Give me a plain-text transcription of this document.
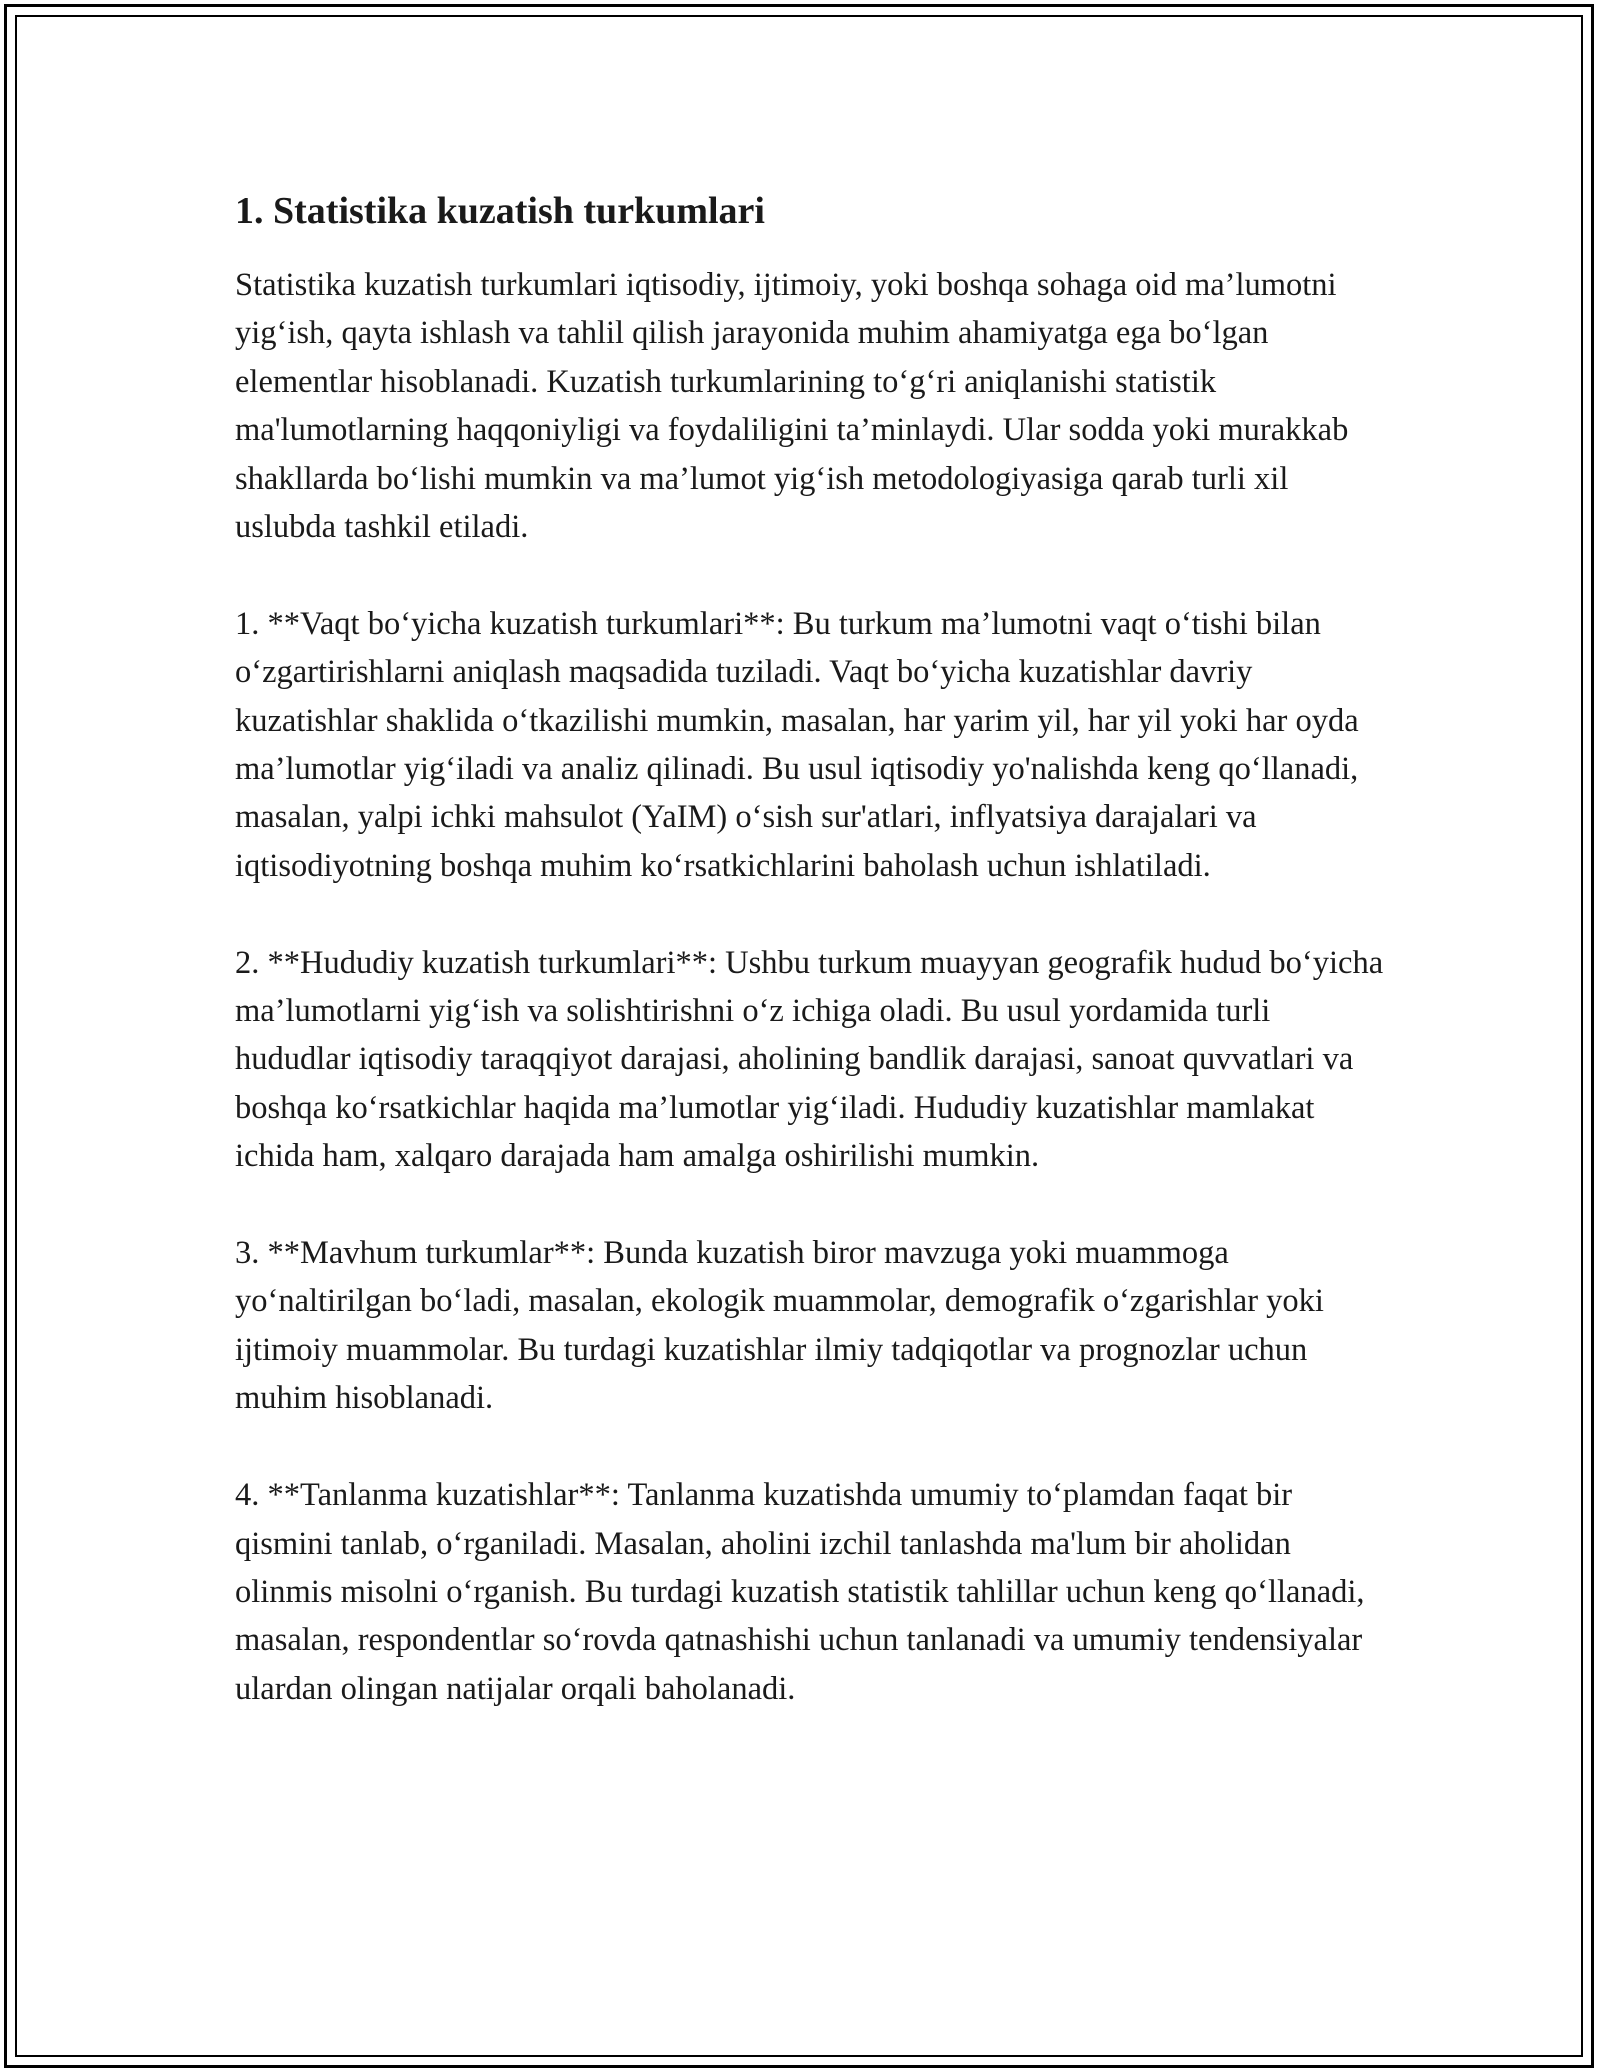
1. Statistika kuzatish turkumlari

Statistika kuzatish turkumlari iqtisodiy, ijtimoiy, yoki boshqa sohaga oid ma’lumotni yig‘ish, qayta ishlash va tahlil qilish jarayonida muhim ahamiyatga ega bo‘lgan elementlar hisoblanadi. Kuzatish turkumlarining to‘g‘ri aniqlanishi statistik ma'lumotlarning haqqoniyligi va foydaliligini ta’minlaydi. Ular sodda yoki murakkab shakllarda bo‘lishi mumkin va ma’lumot yig‘ish metodologiyasiga qarab turli xil uslubda tashkil etiladi.

1. **Vaqt bo‘yicha kuzatish turkumlari**: Bu turkum ma’lumotni vaqt o‘tishi bilan o‘zgartirishlarni aniqlash maqsadida tuziladi. Vaqt bo‘yicha kuzatishlar davriy kuzatishlar shaklida o‘tkazilishi mumkin, masalan, har yarim yil, har yil yoki har oyda ma’lumotlar yig‘iladi va analiz qilinadi. Bu usul iqtisodiy yo'nalishda keng qo‘llanadi, masalan, yalpi ichki mahsulot (YaIM) o‘sish sur'atlari, inflyatsiya darajalari va iqtisodiyotning boshqa muhim ko‘rsatkichlarini baholash uchun ishlatiladi.

2. **Hududiy kuzatish turkumlari**: Ushbu turkum muayyan geografik hudud bo‘yicha ma’lumotlarni yig‘ish va solishtirishni o‘z ichiga oladi. Bu usul yordamida turli hududlar iqtisodiy taraqqiyot darajasi, aholining bandlik darajasi, sanoat quvvatlari va boshqa ko‘rsatkichlar haqida ma’lumotlar yig‘iladi. Hududiy kuzatishlar mamlakat ichida ham, xalqaro darajada ham amalga oshirilishi mumkin.

3. **Mavhum turkumlar**: Bunda kuzatish biror mavzuga yoki muammoga yo‘naltirilgan bo‘ladi, masalan, ekologik muammolar, demografik o‘zgarishlar yoki ijtimoiy muammolar. Bu turdagi kuzatishlar ilmiy tadqiqotlar va prognozlar uchun muhim hisoblanadi.

4. **Tanlanma kuzatishlar**: Tanlanma kuzatishda umumiy to‘plamdan faqat bir qismini tanlab, o‘rganiladi. Masalan, aholini izchil tanlashda ma'lum bir aholidan olinmis misolni o‘rganish. Bu turdagi kuzatish statistik tahlillar uchun keng qo‘llanadi, masalan, respondentlar so‘rovda qatnashishi uchun tanlanadi va umumiy tendensiyalar ulardan olingan natijalar orqali baholanadi.
